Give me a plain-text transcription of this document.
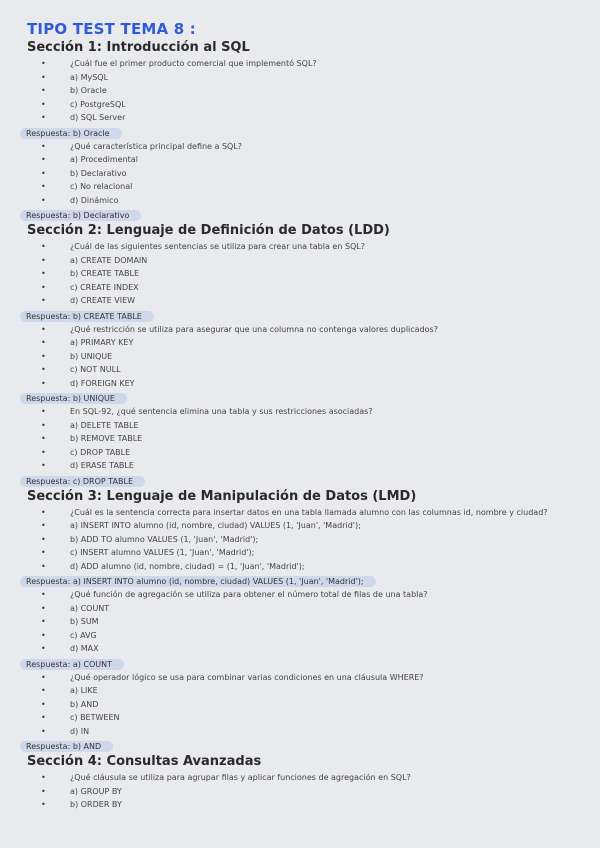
TIPO TEST TEMA 8 :
Sección 1: Introducción al SQL
• ¿Cuál fue el primer producto comercial que implementó SQL?
• a) MySQL
• b) Oracle
• c) PostgreSQL
• d) SQL Server
Respuesta: b) Oracle
• ¿Qué característica principal define a SQL?
• a) Procedimental
• b) Declarativo
• c) No relacional
• d) Dinámico
Respuesta: b) Declarativo
Sección 2: Lenguaje de Definición de Datos (LDD)
• ¿Cuál de las siguientes sentencias se utiliza para crear una tabla en SQL?
• a) CREATE DOMAIN
• b) CREATE TABLE
• c) CREATE INDEX
• d) CREATE VIEW
Respuesta: b) CREATE TABLE
• ¿Qué restricción se utiliza para asegurar que una columna no contenga valores duplicados?
• a) PRIMARY KEY
• b) UNIQUE
• c) NOT NULL
• d) FOREIGN KEY
Respuesta: b) UNIQUE
• En SQL-92, ¿qué sentencia elimina una tabla y sus restricciones asociadas?
• a) DELETE TABLE
• b) REMOVE TABLE
• c) DROP TABLE
• d) ERASE TABLE
Respuesta: c) DROP TABLE
Sección 3: Lenguaje de Manipulación de Datos (LMD)
• ¿Cuál es la sentencia correcta para insertar datos en una tabla llamada alumno con las columnas id, nombre y ciudad?
• a) INSERT INTO alumno (id, nombre, ciudad) VALUES (1, 'Juan', 'Madrid');
• b) ADD TO alumno VALUES (1, 'Juan', 'Madrid');
• c) INSERT alumno VALUES (1, 'Juan', 'Madrid');
• d) ADD alumno (id, nombre, ciudad) = (1, 'Juan', 'Madrid');
Respuesta: a) INSERT INTO alumno (id, nombre, ciudad) VALUES (1, 'Juan', 'Madrid');
• ¿Qué función de agregación se utiliza para obtener el número total de filas de una tabla?
• a) COUNT
• b) SUM
• c) AVG
• d) MAX
Respuesta: a) COUNT
• ¿Qué operador lógico se usa para combinar varias condiciones en una cláusula WHERE?
• a) LIKE
• b) AND
• c) BETWEEN
• d) IN
Respuesta: b) AND
Sección 4: Consultas Avanzadas
• ¿Qué cláusula se utiliza para agrupar filas y aplicar funciones de agregación en SQL?
• a) GROUP BY
• b) ORDER BY
